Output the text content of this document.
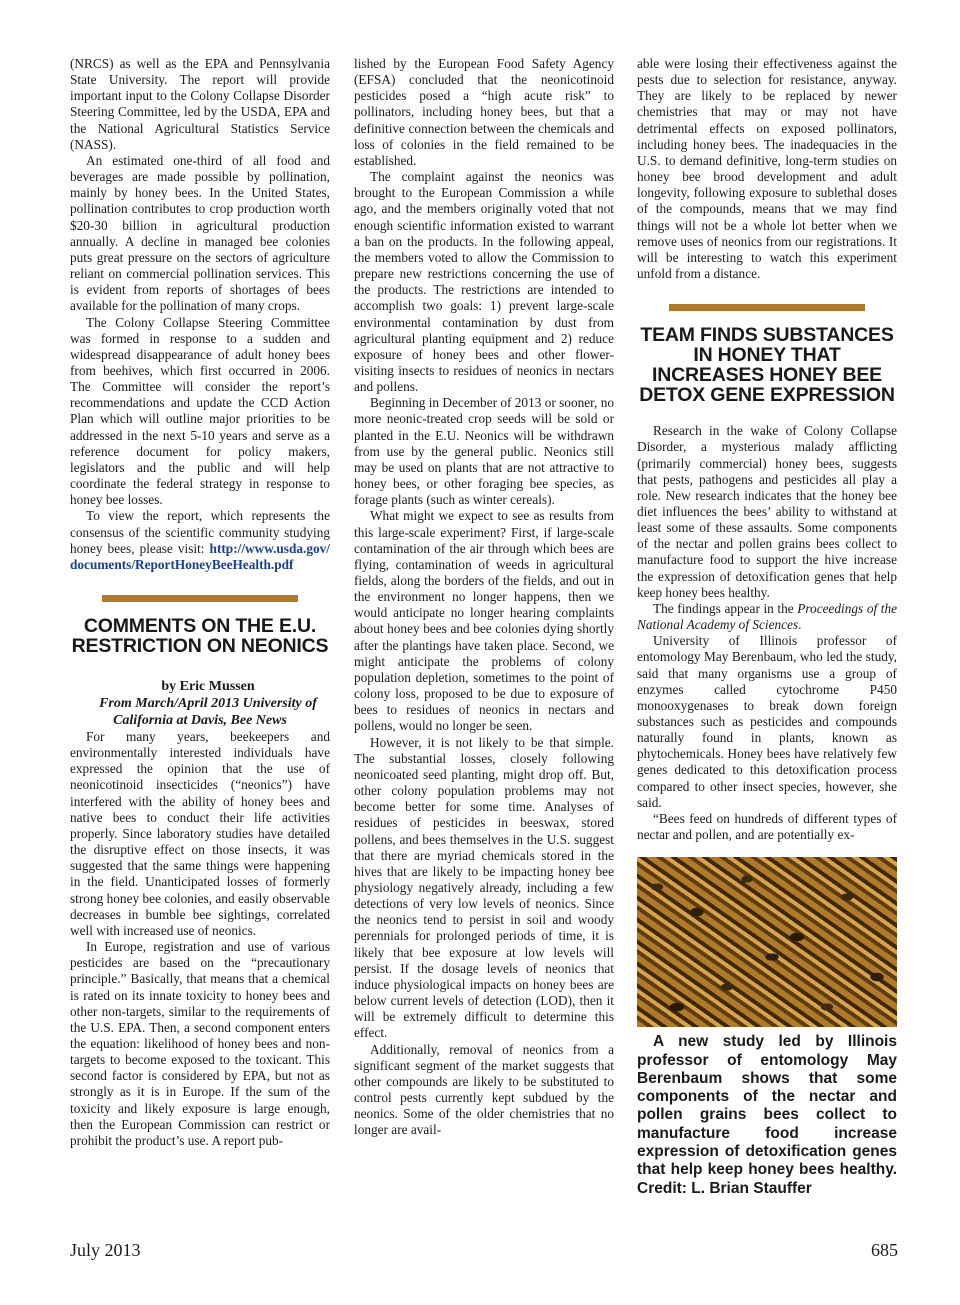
(NRCS) as well as the EPA and Pennsylvania State University. The report will provide important input to the Colony Collapse Disorder Steering Committee, led by the USDA, EPA and the National Agricultural Statistics Service (NASS).

An estimated one-third of all food and beverages are made possible by pollination, mainly by honey bees. In the United States, pollination contributes to crop production worth $20-30 billion in agricultural production annually. A decline in managed bee colonies puts great pressure on the sectors of agriculture reliant on commercial pollination services. This is evident from reports of shortages of bees available for the pollination of many crops.

The Colony Collapse Steering Committee was formed in response to a sudden and widespread disappearance of adult honey bees from beehives, which first occurred in 2006. The Committee will consider the report’s recommendations and update the CCD Action Plan which will outline major priorities to be addressed in the next 5-10 years and serve as a reference document for policy makers, legislators and the public and will help coordinate the federal strategy in response to honey bee losses.

To view the report, which represents the consensus of the scientific community studying honey bees, please visit: http://www.usda.gov/documents/ReportHoneyBeeHealth.pdf

COMMENTS ON THE E.U. RESTRICTION ON NEONICS

by Eric Mussen

From March/April 2013 University of California at Davis, Bee News

For many years, beekeepers and environmentally interested individuals have expressed the opinion that the use of neonicotinoid insecticides (“neonics”) have interfered with the ability of honey bees and native bees to conduct their life activities properly. Since laboratory studies have detailed the disruptive effect on those insects, it was suggested that the same things were happening in the field. Unanticipated losses of formerly strong honey bee colonies, and easily observable decreases in bumble bee sightings, correlated well with increased use of neonics.

In Europe, registration and use of various pesticides are based on the “precautionary principle.” Basically, that means that a chemical is rated on its innate toxicity to honey bees and other non-targets, similar to the requirements of the U.S. EPA. Then, a second component enters the equation: likelihood of honey bees and non-targets to become exposed to the toxicant. This second factor is considered by EPA, but not as strongly as it is in Europe. If the sum of the toxicity and likely exposure is large enough, then the European Commission can restrict or prohibit the product’s use. A report pub-

lished by the European Food Safety Agency (EFSA) concluded that the neonicotinoid pesticides posed a “high acute risk” to pollinators, including honey bees, but that a definitive connection between the chemicals and loss of colonies in the field remained to be established.

The complaint against the neonics was brought to the European Commission a while ago, and the members originally voted that not enough scientific information existed to warrant a ban on the products. In the following appeal, the members voted to allow the Commission to prepare new restrictions concerning the use of the products. The restrictions are intended to accomplish two goals: 1) prevent large-scale environmental contamination by dust from agricultural planting equipment and 2) reduce exposure of honey bees and other flower-visiting insects to residues of neonics in nectars and pollens.

Beginning in December of 2013 or sooner, no more neonic-treated crop seeds will be sold or planted in the E.U. Neonics will be withdrawn from use by the general public. Neonics still may be used on plants that are not attractive to honey bees, or other foraging bee species, as forage plants (such as winter cereals).

What might we expect to see as results from this large-scale experiment? First, if large-scale contamination of the air through which bees are flying, contamination of weeds in agricultural fields, along the borders of the fields, and out in the environment no longer happens, then we would anticipate no longer hearing complaints about honey bees and bee colonies dying shortly after the plantings have taken place. Second, we might anticipate the problems of colony population depletion, sometimes to the point of colony loss, proposed to be due to exposure of bees to residues of neonics in nectars and pollens, would no longer be seen.

However, it is not likely to be that simple. The substantial losses, closely following neonicoated seed planting, might drop off. But, other colony population problems may not become better for some time. Analyses of residues of pesticides in beeswax, stored pollens, and bees themselves in the U.S. suggest that there are myriad chemicals stored in the hives that are likely to be impacting honey bee physiology negatively already, including a few detections of very low levels of neonics. Since the neonics tend to persist in soil and woody perennials for prolonged periods of time, it is likely that bee exposure at low levels will persist. If the dosage levels of neonics that induce physiological impacts on honey bees are below current levels of detection (LOD), then it will be extremely difficult to determine this effect.

Additionally, removal of neonics from a significant segment of the market suggests that other compounds are likely to be substituted to control pests currently kept subdued by the neonics. Some of the older chemistries that no longer are avail-

able were losing their effectiveness against the pests due to selection for resistance, anyway. They are likely to be replaced by newer chemistries that may or may not have detrimental effects on exposed pollinators, including honey bees. The inadequacies in the U.S. to demand definitive, long-term studies on honey bee brood development and adult longevity, following exposure to sublethal doses of the compounds, means that we may find things will not be a whole lot better when we remove uses of neonics from our registrations. It will be interesting to watch this experiment unfold from a distance.

TEAM FINDS SUBSTANCES IN HONEY THAT INCREASES HONEY BEE DETOX GENE EXPRESSION

Research in the wake of Colony Collapse Disorder, a mysterious malady afflicting (primarily commercial) honey bees, suggests that pests, pathogens and pesticides all play a role. New research indicates that the honey bee diet influences the bees’ ability to withstand at least some of these assaults. Some components of the nectar and pollen grains bees collect to manufacture food to support the hive increase the expression of detoxification genes that help keep honey bees healthy.

The findings appear in the Proceedings of the National Academy of Sciences.

University of Illinois professor of entomology May Berenbaum, who led the study, said that many organisms use a group of enzymes called cytochrome P450 monooxygenases to break down foreign substances such as pesticides and compounds naturally found in plants, known as phytochemicals. Honey bees have relatively few genes dedicated to this detoxification process compared to other insect species, however, she said.

“Bees feed on hundreds of different types of nectar and pollen, and are potentially ex-

A new study led by Illinois professor of entomology May Berenbaum shows that some components of the nectar and pollen grains bees collect to manufacture food increase expression of detoxification genes that help keep honey bees healthy. Credit: L. Brian Stauffer

July 2013	685
